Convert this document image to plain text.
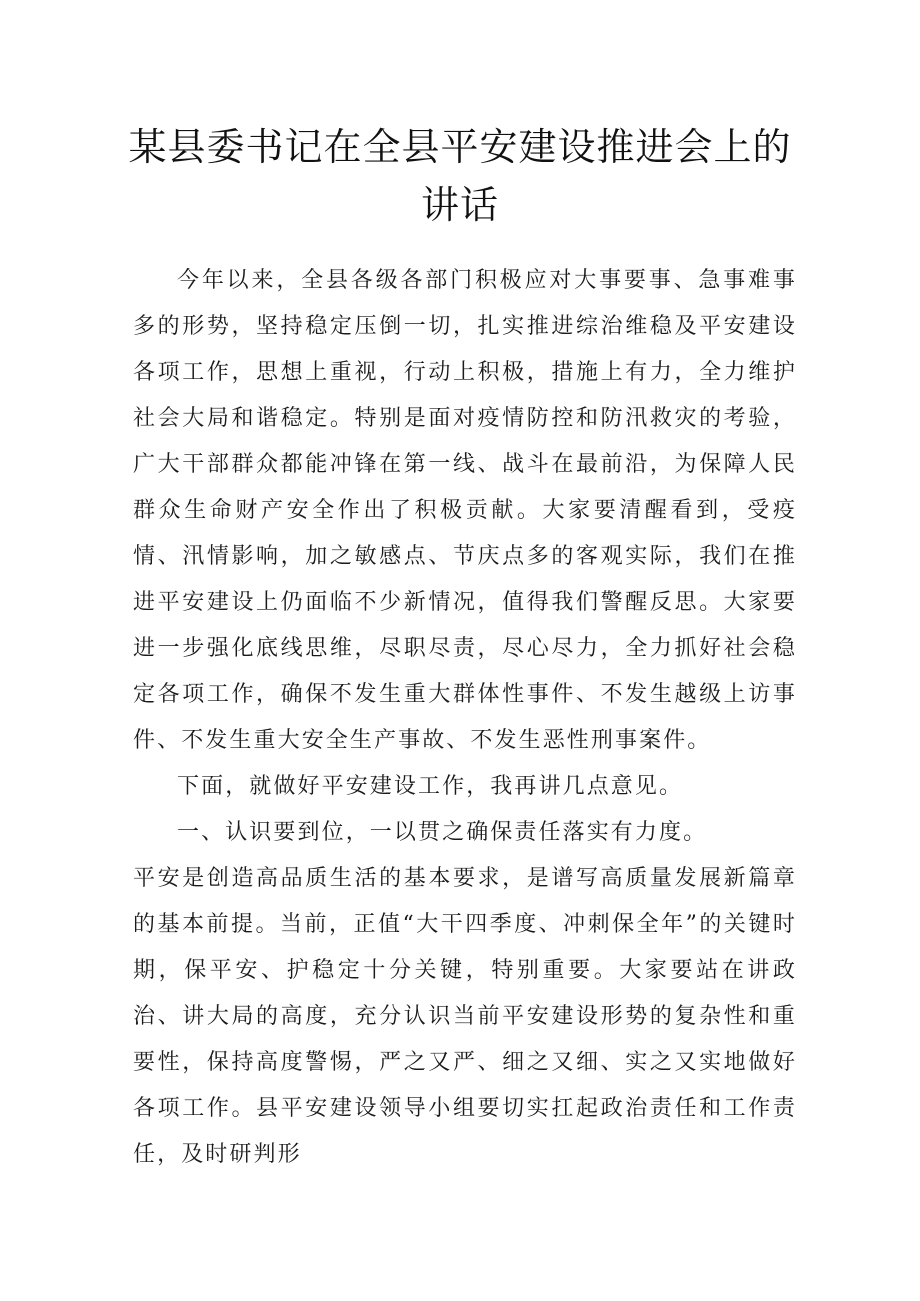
某县委书记在全县平安建设推进会上的讲话

今年以来，全县各级各部门积极应对大事要事、急事难事多的形势，坚持稳定压倒一切，扎实推进综治维稳及平安建设各项工作，思想上重视，行动上积极，措施上有力，全力维护社会大局和谐稳定。特别是面对疫情防控和防汛救灾的考验，广大干部群众都能冲锋在第一线、战斗在最前沿，为保障人民群众生命财产安全作出了积极贡献。大家要清醒看到，受疫情、汛情影响，加之敏感点、节庆点多的客观实际，我们在推进平安建设上仍面临不少新情况，值得我们警醒反思。大家要进一步强化底线思维，尽职尽责，尽心尽力，全力抓好社会稳定各项工作，确保不发生重大群体性事件、不发生越级上访事件、不发生重大安全生产事故、不发生恶性刑事案件。

下面，就做好平安建设工作，我再讲几点意见。

一、认识要到位，一以贯之确保责任落实有力度。

平安是创造高品质生活的基本要求，是谱写高质量发展新篇章的基本前提。当前，正值“大干四季度、冲刺保全年”的关键时期，保平安、护稳定十分关键，特别重要。大家要站在讲政治、讲大局的高度，充分认识当前平安建设形势的复杂性和重要性，保持高度警惕，严之又严、细之又细、实之又实地做好各项工作。县平安建设领导小组要切实扛起政治责任和工作责任，及时研判形
